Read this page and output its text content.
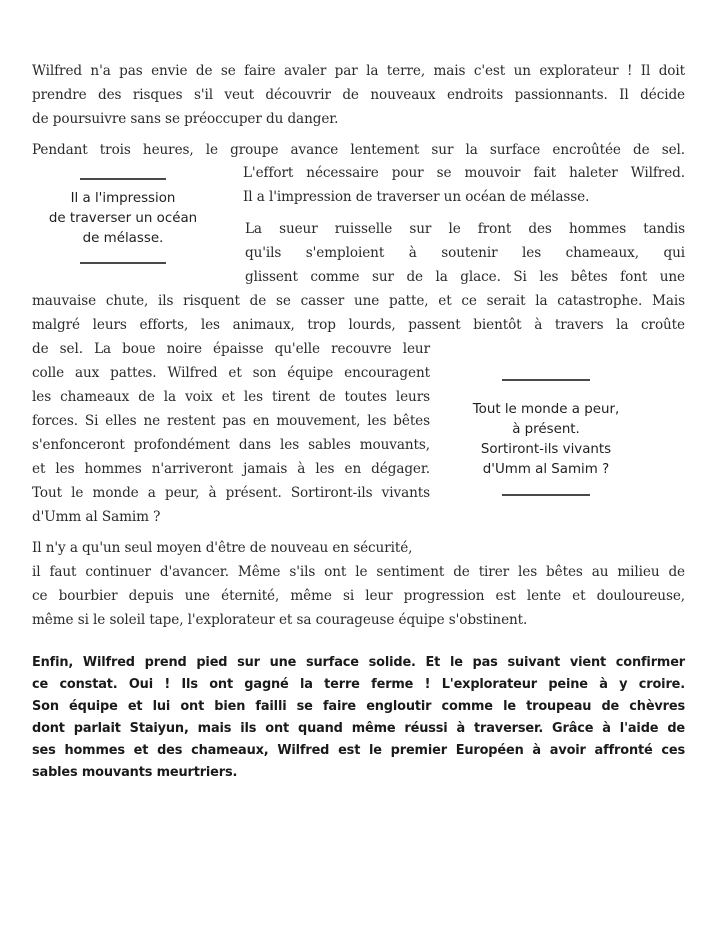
Wilfred n'a pas envie de se faire avaler par la terre, mais c'est un explorateur ! Il doit
prendre des risques s'il veut découvrir de nouveaux endroits passionnants. Il décide
de poursuivre sans se préoccuper du danger.
Pendant trois heures, le groupe avance lentement sur la surface encroûtée de sel.
L'effort nécessaire pour se mouvoir fait haleter Wilfred.
Il a l'impression de traverser un océan de mélasse.
Il a l'impression
de traverser un océan
de mélasse.
La sueur ruisselle sur le front des hommes tandis
qu'ils s'emploient à soutenir les chameaux, qui
glissent comme sur de la glace. Si les bêtes font une
mauvaise chute, ils risquent de se casser une patte, et ce serait la catastrophe. Mais
malgré leurs efforts, les animaux, trop lourds, passent bientôt à travers la croûte
de sel. La boue noire épaisse qu'elle recouvre leur
colle aux pattes. Wilfred et son équipe encouragent
les chameaux de la voix et les tirent de toutes leurs
forces. Si elles ne restent pas en mouvement, les bêtes
s'enfonceront profondément dans les sables mouvants,
et les hommes n'arriveront jamais à les en dégager.
Tout le monde a peur, à présent. Sortiront-ils vivants
d'Umm al Samim ?
Tout le monde a peur,
à présent.
Sortiront-ils vivants
d'Umm al Samim ?
Il n'y a qu'un seul moyen d'être de nouveau en sécurité,
il faut continuer d'avancer. Même s'ils ont le sentiment de tirer les bêtes au milieu de
ce bourbier depuis une éternité, même si leur progression est lente et douloureuse,
même si le soleil tape, l'explorateur et sa courageuse équipe s'obstinent.
Enfin, Wilfred prend pied sur une surface solide. Et le pas suivant vient confirmer
ce constat. Oui ! Ils ont gagné la terre ferme ! L'explorateur peine à y croire.
Son équipe et lui ont bien failli se faire engloutir comme le troupeau de chèvres
dont parlait Staiyun, mais ils ont quand même réussi à traverser. Grâce à l'aide de
ses hommes et des chameaux, Wilfred est le premier Européen à avoir affronté ces
sables mouvants meurtriers.
